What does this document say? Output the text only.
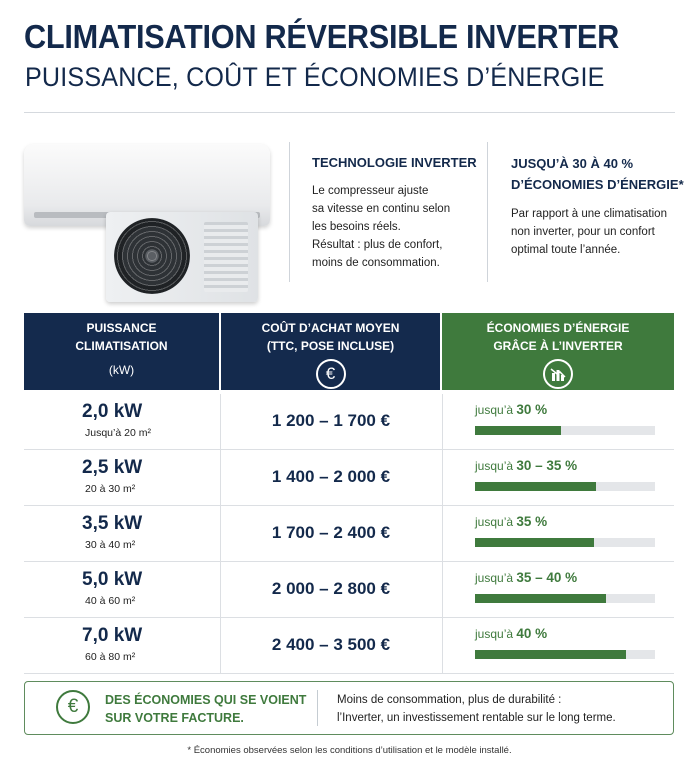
CLIMATISATION RÉVERSIBLE INVERTER
PUISSANCE, COÛT ET ÉCONOMIES D’ÉNERGIE
TECHNOLOGIE INVERTER
Le compresseur ajuste
sa vitesse en continu selon
les besoins réels.
Résultat : plus de confort,
moins de consommation.
JUSQU’À 30 À 40 %
D’ÉCONOMIES D’ÉNERGIE*
Par rapport à une climatisation
non inverter, pour un confort
optimal toute l’année.
PUISSANCE
CLIMATISATION
(kW)
COÛT D’ACHAT MOYEN
(TTC, POSE INCLUSE)
€
ÉCONOMIES D’ÉNERGIE
GRÂCE À L’INVERTER
2,0 kW
Jusqu’à 20 m²
1 200 – 1 700 €
jusqu’à 30 %
2,5 kW
20 à 30 m²
1 400 – 2 000 €
jusqu’à 30 – 35 %
3,5 kW
30 à 40 m²
1 700 – 2 400 €
jusqu’à 35 %
5,0 kW
40 à 60 m²
2 000 – 2 800 €
jusqu’à 35 – 40 %
7,0 kW
60 à 80 m²
2 400 – 3 500 €
jusqu’à 40 %
€	DES ÉCONOMIES QUI SE VOIENT
SUR VOTRE FACTURE.
Moins de consommation, plus de durabilité :
l’Inverter, un investissement rentable sur le long terme.
* Économies observées selon les conditions d’utilisation et le modèle installé.
